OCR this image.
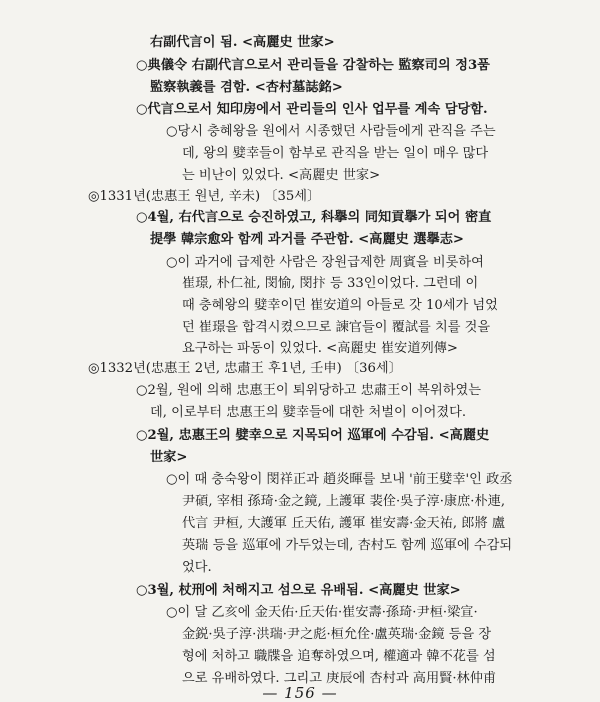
右副代言이 됨. <高麗史 世家>
○典儀令 右副代言으로서 관리들을 감찰하는 監察司의 정3품
監察執義를 겸함. <杏村墓誌銘>
○代言으로서 知印房에서 관리들의 인사 업무를 계속 담당함.
○당시 충혜왕을 원에서 시종했던 사람들에게 관직을 주는
데, 왕의 嬖幸들이 함부로 관직을 받는 일이 매우 많다
는 비난이 있었다. <高麗史 世家>
◎1331년(忠惠王 원년, 辛未) 〔35세〕
○4월, 右代言으로 승진하였고, 科擧의 同知貢擧가 되어 密直
提學 韓宗愈와 함께 과거를 주관함. <高麗史 選擧志>
○이 과거에 급제한 사람은 장원급제한 周賓을 비롯하여
崔璟, 朴仁祉, 閔愉, 閔抃 등 33인이었다. 그런데 이
때 충혜왕의 嬖幸이던 崔安道의 아들로 갓 10세가 넘었
던 崔璟을 합격시켰으므로 諫官들이 覆試를 치를 것을
요구하는 파동이 있었다. <高麗史 崔安道列傳>
◎1332년(忠惠王 2년, 忠肅王 후1년, 壬申) 〔36세〕
○2월, 원에 의해 忠惠王이 퇴위당하고 忠肅王이 복위하였는
데, 이로부터 忠惠王의 嬖幸들에 대한 처벌이 이어졌다.
○2월, 忠惠王의 嬖幸으로 지목되어 巡軍에 수감됨. <高麗史
世家>
○이 때 충숙왕이 閔祥正과 趙炎暉를 보내 '前王嬖幸'인 政丞
尹碩, 宰相 孫琦·金之鏡, 上護軍 裴佺·吳子淳·康庶·朴連,
代言 尹桓, 大護軍 丘天佑, 護軍 崔安壽·金天祐, 郎將 盧
英瑞 등을 巡軍에 가두었는데, 杏村도 함께 巡軍에 수감되
었다.
○3월, 杖刑에 처해지고 섬으로 유배됨. <高麗史 世家>
○이 달 乙亥에 金天佑·丘天佑·崔安壽·孫琦·尹桓·梁宣·
金鋭·吳子淳·洪瑞·尹之彪·桓允佺·盧英瑞·金鏡 등을 장
형에 처하고 職牒을 追奪하였으며, 權適과 韓不花를 섬
으로 유배하였다. 그리고 庚辰에 杏村과 高用賢·林仲甫
— 156 —
